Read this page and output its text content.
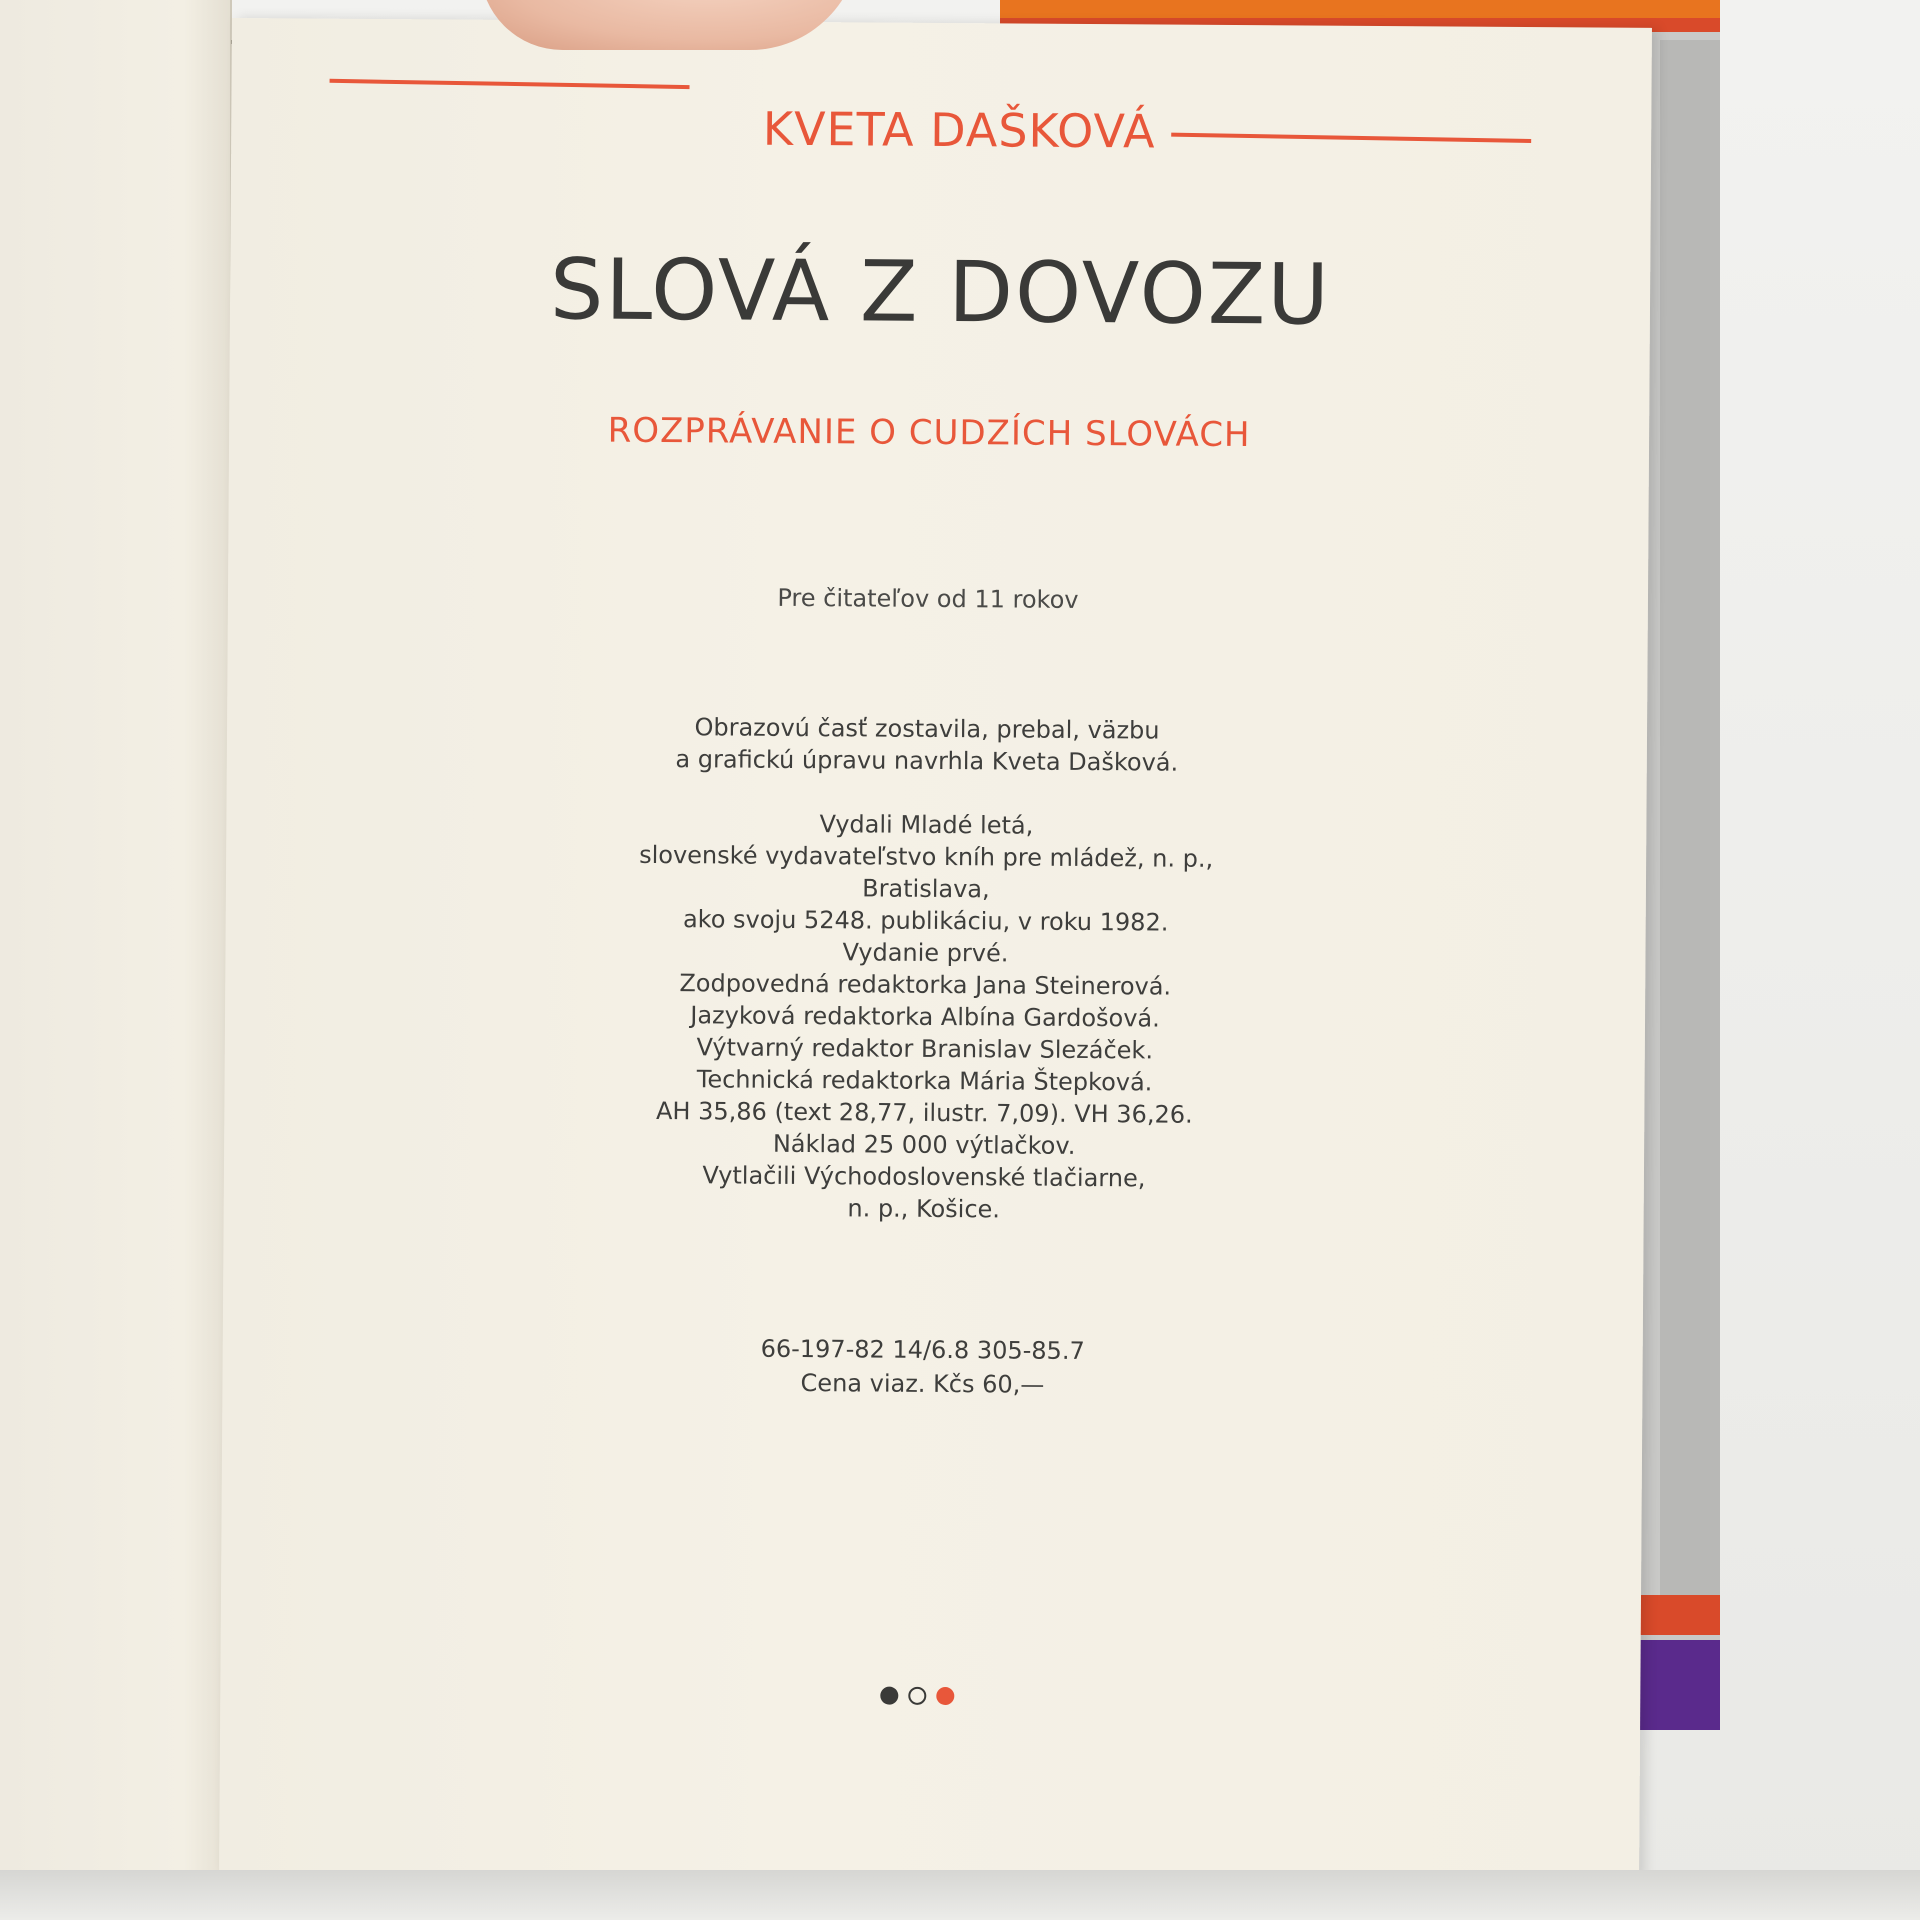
KVETA DAŠKOVÁ
SLOVÁ Z DOVOZU
ROZPRÁVANIE O CUDZÍCH SLOVÁCH
Pre čitateľov od 11 rokov
Obrazovú časť zostavila, prebal, väzbu
a grafickú úpravu navrhla Kveta Dašková.
Vydali Mladé letá,
slovenské vydavateľstvo kníh pre mládež, n. p.,
Bratislava,
ako svoju 5248. publikáciu, v roku 1982.
Vydanie prvé.
Zodpovedná redaktorka Jana Steinerová.
Jazyková redaktorka Albína Gardošová.
Výtvarný redaktor Branislav Slezáček.
Technická redaktorka Mária Štepková.
AH 35,86 (text 28,77, ilustr. 7,09). VH 36,26.
Náklad 25 000 výtlačkov.
Vytlačili Východoslovenské tlačiarne,
n. p., Košice.
66-197-82 14/6.8 305-85.7
Cena viaz. Kčs 60,—
